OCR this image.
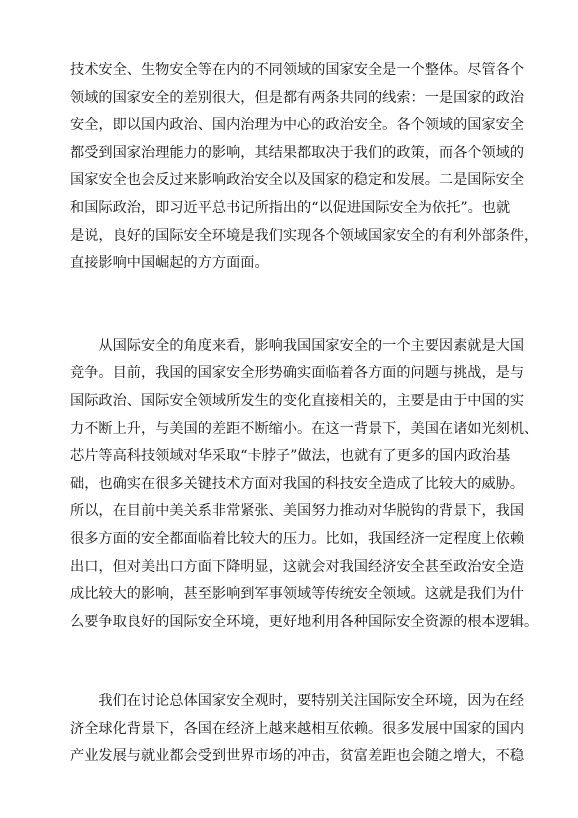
技术安全、生物安全等在内的不同领域的国家安全是一个整体。尽管各个
领域的国家安全的差别很大，但是都有两条共同的线索：一是国家的政治
安全，即以国内政治、国内治理为中心的政治安全。各个领域的国家安全
都受到国家治理能力的影响，其结果都取决于我们的政策，而各个领域的
国家安全也会反过来影响政治安全以及国家的稳定和发展。二是国际安全
和国际政治，即习近平总书记所指出的“以促进国际安全为依托”。也就
是说，良好的国际安全环境是我们实现各个领域国家安全的有利外部条件，
直接影响中国崛起的方方面面。
从国际安全的角度来看，影响我国国家安全的一个主要因素就是大国
竞争。目前，我国的国家安全形势确实面临着各方面的问题与挑战，是与
国际政治、国际安全领域所发生的变化直接相关的，主要是由于中国的实
力不断上升，与美国的差距不断缩小。在这一背景下，美国在诸如光刻机、
芯片等高科技领域对华采取“卡脖子”做法，也就有了更多的国内政治基
础，也确实在很多关键技术方面对我国的科技安全造成了比较大的威胁。
所以，在目前中美关系非常紧张、美国努力推动对华脱钩的背景下，我国
很多方面的安全都面临着比较大的压力。比如，我国经济一定程度上依赖
出口，但对美出口方面下降明显，这就会对我国经济安全甚至政治安全造
成比较大的影响，甚至影响到军事领域等传统安全领域。这就是我们为什
么要争取良好的国际安全环境，更好地利用各种国际安全资源的根本逻辑。
我们在讨论总体国家安全观时，要特别关注国际安全环境，因为在经
济全球化背景下，各国在经济上越来越相互依赖。很多发展中国家的国内
产业发展与就业都会受到世界市场的冲击，贫富差距也会随之增大，不稳
